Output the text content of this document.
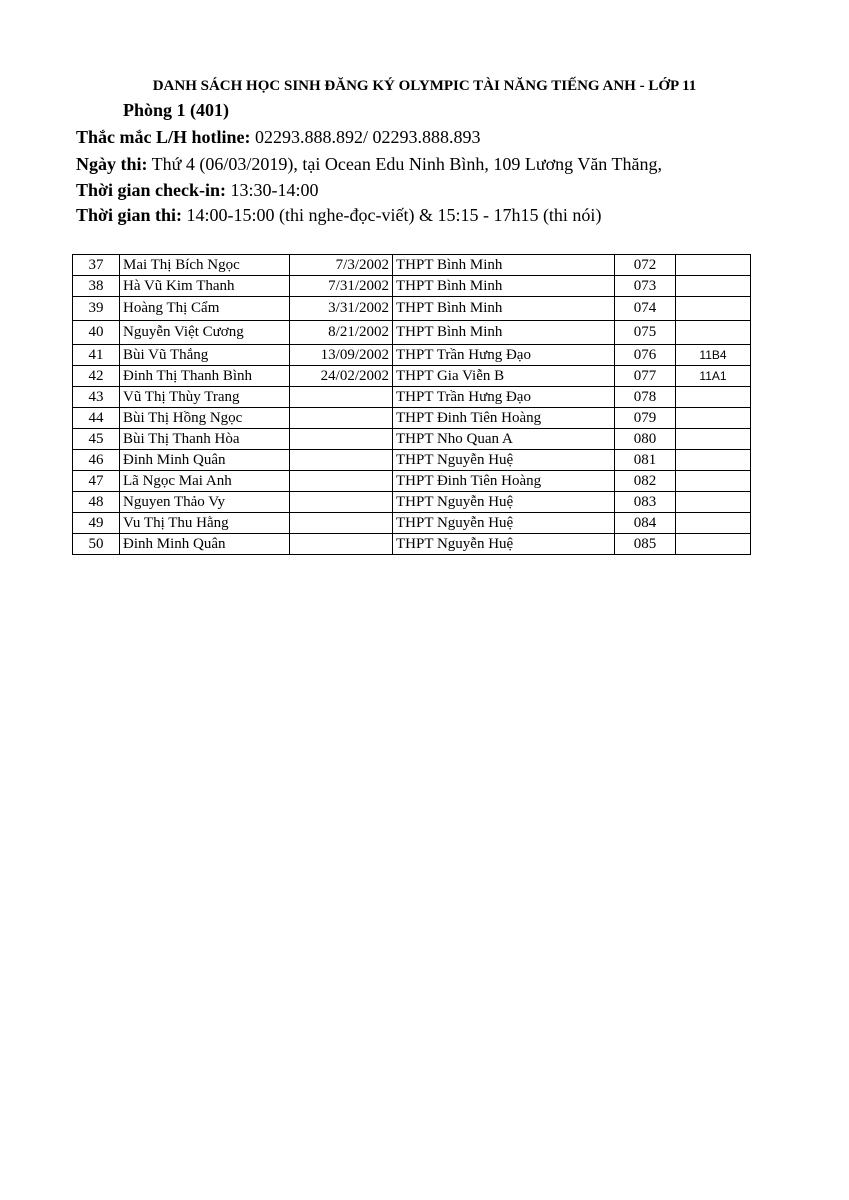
DANH SÁCH HỌC SINH ĐĂNG KÝ OLYMPIC TÀI NĂNG TIẾNG ANH - LỚP 11
Phòng 1 (401)
Thắc mắc L/H hotline: 02293.888.892/ 02293.888.893
Ngày thi: Thứ 4 (06/03/2019), tại Ocean Edu Ninh Bình, 109 Lương Văn Thăng,
Thời gian check-in: 13:30-14:00
Thời gian thi: 14:00-15:00 (thi nghe-đọc-viết) & 15:15 - 17h15 (thi nói)
37	Mai Thị Bích Ngọc	7/3/2002	THPT Bình Minh	072	
38	Hà Vũ Kim Thanh	7/31/2002	THPT Bình Minh	073	
39	Hoàng Thị Cẩm	3/31/2002	THPT Bình Minh	074	
40	Nguyễn Việt Cương	8/21/2002	THPT Bình Minh	075	
41	Bùi Vũ Thắng	13/09/2002	THPT Trần Hưng Đạo	076	11B4
42	Đinh Thị Thanh Bình	24/02/2002	THPT Gia Viễn B	077	11A1
43	Vũ Thị Thùy Trang		THPT Trần Hưng Đạo	078	
44	Bùi Thị Hồng Ngọc		THPT Đinh Tiên Hoàng	079	
45	Bùi Thị Thanh Hòa		THPT Nho Quan A	080	
46	Đinh Minh Quân		THPT Nguyễn Huệ	081	
47	Lã Ngọc Mai Anh		THPT Đinh Tiên Hoàng	082	
48	Nguyen Thảo Vy		THPT Nguyễn Huệ	083	
49	Vu Thị Thu Hằng		THPT Nguyễn Huệ	084	
50	Đinh Minh Quân		THPT Nguyễn Huệ	085	
